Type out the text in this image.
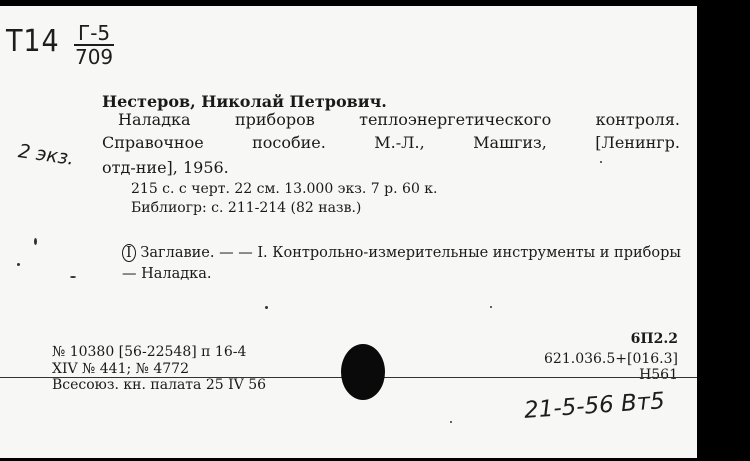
Т14 Г-5
709
2 экз.
Нестеров, Николай Петрович.
Наладка	приборов	теплоэнергетического	контроля.
Справочное	пособие.	М.-Л.,	Машгиз,	[Ленингр.
отд-ние], 1956.
215 с. с черт. 22 см. 13.000 экз. 7 р. 60 к.
Библиогр: с. 211-214 (82 назв.)
I Заглавие. — — I. Контрольно-измерительные инструменты и приборы — Наладка.
№ 10380 [56-22548] п 16-4
XIV № 441; № 4772
Всесоюз. кн. палата 25 IV 56
6П2.2
621.036.5+[016.3]
Н561
21-5-56 Вт5
